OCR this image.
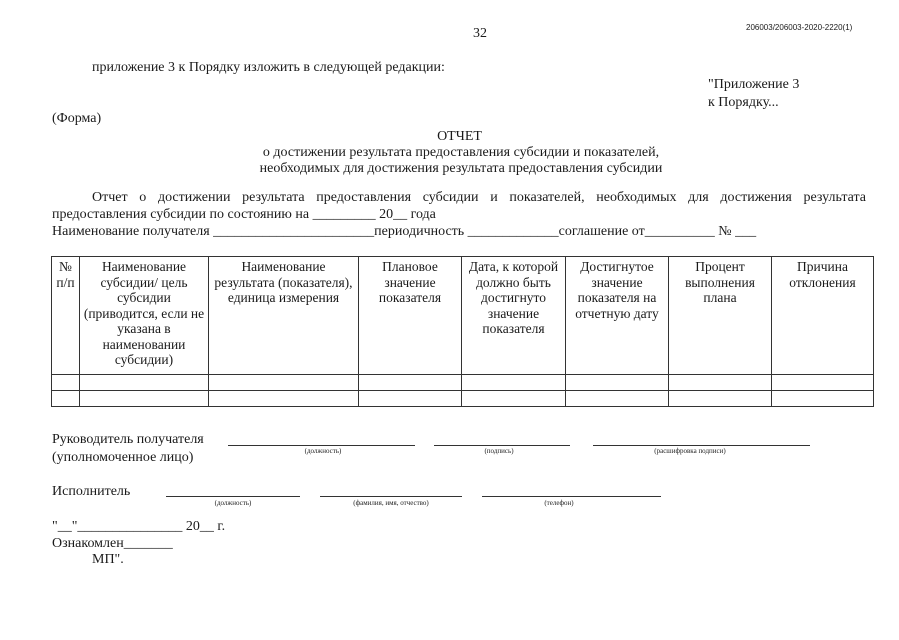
32	206003/206003-2020-2220(1)
приложение 3 к Порядку изложить в следующей редакции:
"Приложение 3
к Порядку...
(Форма)
ОТЧЕТ
о достижении результата предоставления субсидии и показателей,
необходимых для достижения результата предоставления субсидии
Отчет о достижении результата предоставления субсидии и показателей, необходимых для достижения результата
предоставления субсидии по состоянию на _________ 20__ года
Наименование получателя _______________________периодичность _____________соглашение от__________ № ___
№ п/п	Наименование субсидии/ цель субсидии (приводится, если не указана в наименовании субсидии)	Наименование результата (показателя), единица измерения	Плановое значение показателя	Дата, к которой должно быть достигнуто значение показателя	Достигнутое значение показателя на отчетную дату	Процент выполнения плана	Причина отклонения

Руководитель получателя
(уполномоченное лицо)	(должность)	(подпись)	(расшифровка подписи)
Исполнитель
(должность)	(фамилия, имя, отчество)	(телефон)
"__"_______________ 20__ г.
Ознакомлен_______
МП".
